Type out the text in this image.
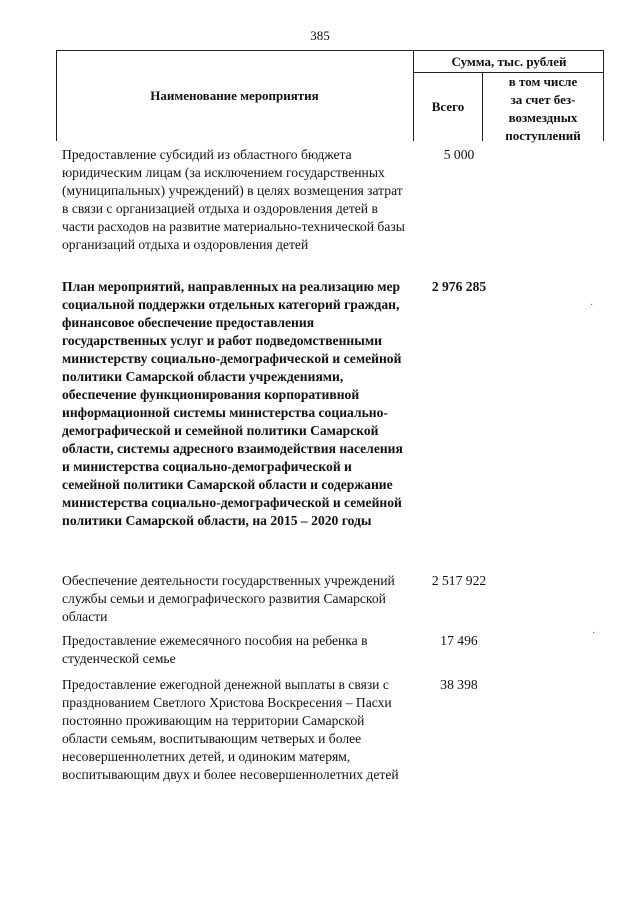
385
Наименование мероприятия
Сумма, тыс. рублей
Всего
в том числе
за счет без-
возмездных
поступлений
Предоставление субсидий из областного бюджета юридическим лицам (за исключением государственных (муниципальных) учреждений) в целях возмещения затрат в связи с организацией отдыха и оздоровления детей в части расходов на развитие материально-технической базы организаций отдыха и оздоровления детей
5 000
План мероприятий, направленных на реализацию мер социальной поддержки отдельных категорий граждан, финансовое обеспечение предоставления государственных услуг и работ подведомственными министерству социально-демографической и семейной политики Самарской области учреждениями, обеспечение функционирования корпоративной информационной системы министерства социально-демографической и семейной политики Самарской области, системы адресного взаимодействия населения и министерства социально-демографической и семейной политики Самарской области и содержание министерства социально-демографической и семейной политики Самарской области, на 2015 – 2020 годы
2 976 285
Обеспечение деятельности государственных учреждений службы семьи и демографического развития Самарской области
2 517 922
Предоставление ежемесячного пособия на ребенка в студенческой семье
17 496
Предоставление ежегодной денежной выплаты в связи с празднованием Светлого Христова Воскресения – Пасхи постоянно проживающим на территории Самарской области семьям, воспитывающим четверых и более несовершеннолетних детей, и одиноким матерям, воспитывающим двух и более несовершеннолетних детей
38 398
·
·
